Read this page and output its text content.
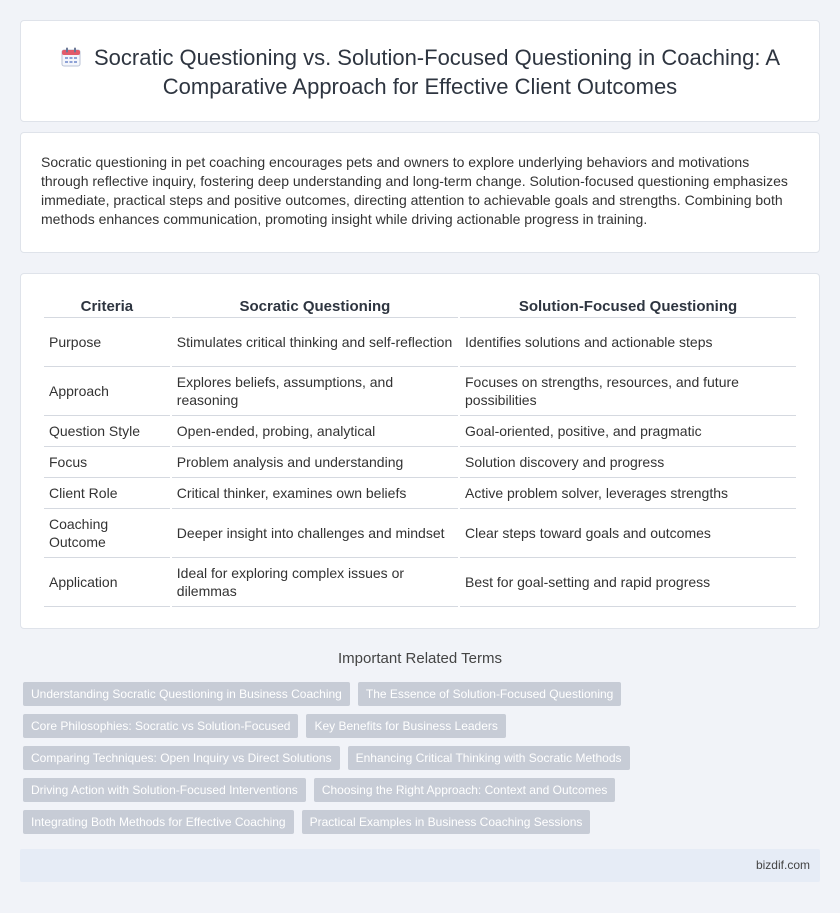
Socratic Questioning vs. Solution-Focused Questioning in Coaching: A Comparative Approach for Effective Client Outcomes

Socratic questioning in pet coaching encourages pets and owners to explore underlying behaviors and motivations through reflective inquiry, fostering deep understanding and long-term change. Solution-focused questioning emphasizes immediate, practical steps and positive outcomes, directing attention to achievable goals and strengths. Combining both methods enhances communication, promoting insight while driving actionable progress in training.

Criteria	Socratic Questioning	Solution-Focused Questioning
Purpose	Stimulates critical thinking and self-reflection	Identifies solutions and actionable steps
Approach	Explores beliefs, assumptions, and reasoning	Focuses on strengths, resources, and future possibilities
Question Style	Open-ended, probing, analytical	Goal-oriented, positive, and pragmatic
Focus	Problem analysis and understanding	Solution discovery and progress
Client Role	Critical thinker, examines own beliefs	Active problem solver, leverages strengths
Coaching Outcome	Deeper insight into challenges and mindset	Clear steps toward goals and outcomes
Application	Ideal for exploring complex issues or dilemmas	Best for goal-setting and rapid progress
Important Related Terms
Understanding Socratic Questioning in Business Coaching	The Essence of Solution-Focused Questioning
Core Philosophies: Socratic vs Solution-Focused	Key Benefits for Business Leaders
Comparing Techniques: Open Inquiry vs Direct Solutions	Enhancing Critical Thinking with Socratic Methods
Driving Action with Solution-Focused Interventions	Choosing the Right Approach: Context and Outcomes
Integrating Both Methods for Effective Coaching	Practical Examples in Business Coaching Sessions
bizdif.com
